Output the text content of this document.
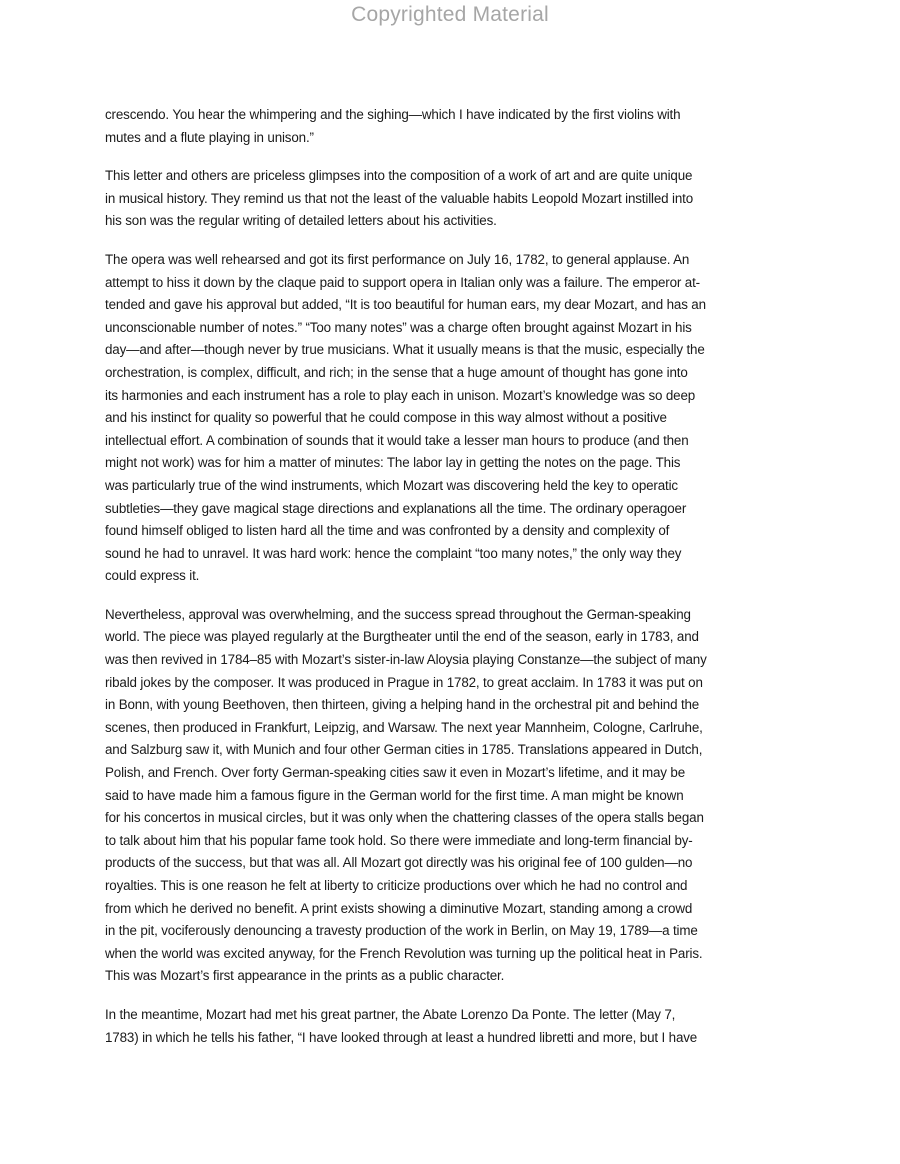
Copyrighted Material

crescendo. You hear the whimpering and the sighing—which I have indicated by the first violins with
mutes and a flute playing in unison.”

This letter and others are priceless glimpses into the composition of a work of art and are quite unique
in musical history. They remind us that not the least of the valuable habits Leopold Mozart instilled into
his son was the regular writing of detailed letters about his activities.

The opera was well rehearsed and got its first performance on July 16, 1782, to general applause. An
attempt to hiss it down by the claque paid to support opera in Italian only was a failure. The emperor at-
tended and gave his approval but added, “It is too beautiful for human ears, my dear Mozart, and has an
unconscionable number of notes.” “Too many notes” was a charge often brought against Mozart in his
day—and after—though never by true musicians. What it usually means is that the music, especially the
orchestration, is complex, difficult, and rich; in the sense that a huge amount of thought has gone into
its harmonies and each instrument has a role to play each in unison. Mozart’s knowledge was so deep
and his instinct for quality so powerful that he could compose in this way almost without a positive
intellectual effort. A combination of sounds that it would take a lesser man hours to produce (and then
might not work) was for him a matter of minutes: The labor lay in getting the notes on the page. This
was particularly true of the wind instruments, which Mozart was discovering held the key to operatic
subtleties—they gave magical stage directions and explanations all the time. The ordinary operagoer
found himself obliged to listen hard all the time and was confronted by a density and complexity of
sound he had to unravel. It was hard work: hence the complaint “too many notes,” the only way they
could express it.

Nevertheless, approval was overwhelming, and the success spread throughout the German-speaking
world. The piece was played regularly at the Burgtheater until the end of the season, early in 1783, and
was then revived in 1784–85 with Mozart’s sister-in-law Aloysia playing Constanze—the subject of many
ribald jokes by the composer. It was produced in Prague in 1782, to great acclaim. In 1783 it was put on
in Bonn, with young Beethoven, then thirteen, giving a helping hand in the orchestral pit and behind the
scenes, then produced in Frankfurt, Leipzig, and Warsaw. The next year Mannheim, Cologne, Carlruhe,
and Salzburg saw it, with Munich and four other German cities in 1785. Translations appeared in Dutch,
Polish, and French. Over forty German-speaking cities saw it even in Mozart’s lifetime, and it may be
said to have made him a famous figure in the German world for the first time. A man might be known
for his concertos in musical circles, but it was only when the chattering classes of the opera stalls began
to talk about him that his popular fame took hold. So there were immediate and long-term financial by-
products of the success, but that was all. All Mozart got directly was his original fee of 100 gulden—no
royalties. This is one reason he felt at liberty to criticize productions over which he had no control and
from which he derived no benefit. A print exists showing a diminutive Mozart, standing among a crowd
in the pit, vociferously denouncing a travesty production of the work in Berlin, on May 19, 1789—a time
when the world was excited anyway, for the French Revolution was turning up the political heat in Paris.
This was Mozart’s first appearance in the prints as a public character.

In the meantime, Mozart had met his great partner, the Abate Lorenzo Da Ponte. The letter (May 7,
1783) in which he tells his father, “I have looked through at least a hundred libretti and more, but I have
